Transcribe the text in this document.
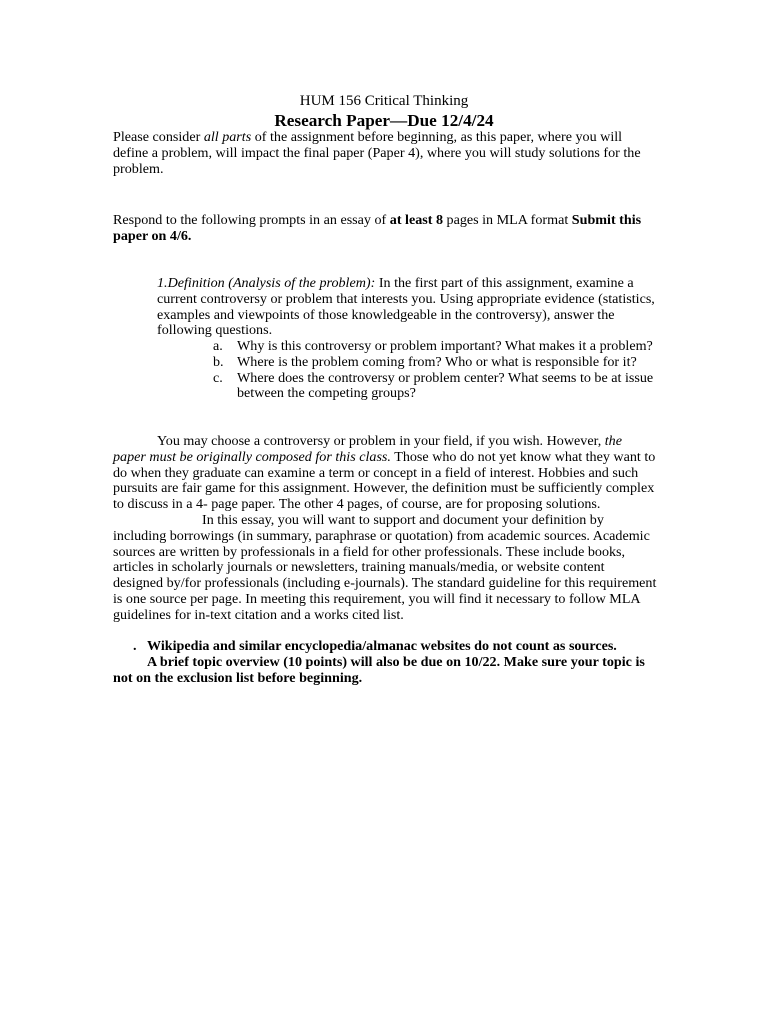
HUM 156 Critical Thinking
Research Paper—Due 12/4/24
Please consider all parts of the assignment before beginning, as this paper, where you will define a problem, will impact the final paper (Paper 4), where you will study solutions for the problem.
Respond to the following prompts in an essay of at least 8 pages in MLA format Submit this paper on 4/6.
1.Definition (Analysis of the problem): In the first part of this assignment, examine a current controversy or problem that interests you. Using appropriate evidence (statistics, examples and viewpoints of those knowledgeable in the controversy), answer the following questions.
a. Why is this controversy or problem important? What makes it a problem?
b. Where is the problem coming from? Who or what is responsible for it?
c. Where does the controversy or problem center? What seems to be at issue between the competing groups?
You may choose a controversy or problem in your field, if you wish. However, the paper must be originally composed for this class. Those who do not yet know what they want to do when they graduate can examine a term or concept in a field of interest. Hobbies and such pursuits are fair game for this assignment. However, the definition must be sufficiently complex to discuss in a 4- page paper. The other 4 pages, of course, are for proposing solutions.
In this essay, you will want to support and document your definition by including borrowings (in summary, paraphrase or quotation) from academic sources. Academic sources are written by professionals in a field for other professionals. These include books, articles in scholarly journals or newsletters, training manuals/media, or website content designed by/for professionals (including e-journals). The standard guideline for this requirement is one source per page. In meeting this requirement, you will find it necessary to follow MLA guidelines for in-text citation and a works cited list.
. Wikipedia and similar encyclopedia/almanac websites do not count as sources.
A brief topic overview (10 points) will also be due on 10/22. Make sure your topic is not on the exclusion list before beginning.
